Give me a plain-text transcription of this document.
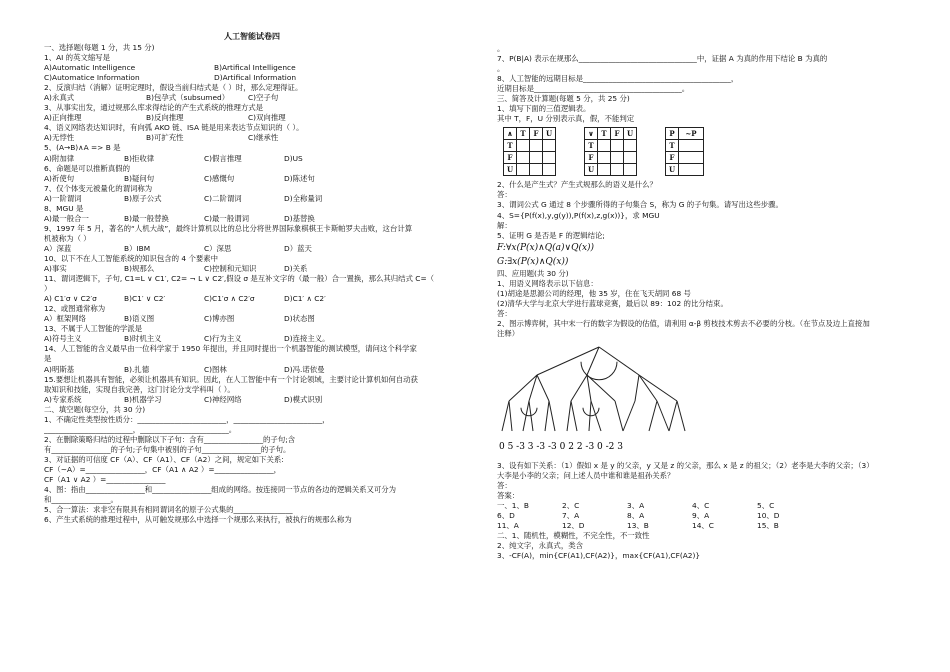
人工智能试卷四
一、选择题(每题 1 分，共 15 分)
1、AI 的英文缩写是
A)Automatic Intelligence	B)Artifical Intelligence
C)Automatice Information	D)Artifical Information
2、反演归结（消解）证明定理时，假设当前归结式是（ ）时，那么定理得证。
A)永真式	B)包孕式（subsumed）	C)空子句
3、从事实出发，通过规那么库求得结论的产生式系统的推理方式是
A)正向推理	B)反向推理	C)双向推理
4、语义网络表达知识时，有向弧 AKO 链、ISA 链是用来表达节点知识的（ ）。
A)无悖性	B)可扩充性	C)继承性
5、(A→B)∧A => B 是
A)附加律	B)拒收律	C)假言推理	D)US
6、命题是可以推断真假的
A)祈使句	B)疑问句	C)感慨句	D)陈述句
7、仅个体变元被量化的谓词称为
A)一阶谓词	B)原子公式	C)二阶谓词	D)全称量词
8、MGU 是
A)最一般合一	B)最一般替换	C)最一般谓词	D)基替换
9、1997 年 5 月，著名的“人机大战”，最终计算机以比的总比分将世界国际象棋棋王卡斯帕罗夫击败，这台计算
机被称为（ ）
A）深蓝	B）IBM	C）深思	D）蓝天
10、以下不在人工智能系统的知识包含的 4 个要素中
A)事实	B)规那么	C)控制和元知识	D)关系
11、谓词逻辑下，子句, C1=L ∨ C1′, C2= ¬ L ∨ C2′,假设 σ 是互补文字的（最一般）合一置换，那么其归结式 C=（
）
A) C1′σ ∨ C2′σ	B)C1′ ∨ C2′	C)C1′σ ∧ C2′σ	D)C1′ ∧ C2′
12、或图通常称为
A）框架网络	B)语义图	C)博亦图	D)状态图
13、不属于人工智能的学派是
A)符号主义	B)时机主义	C)行为主义	D)连接主义。
14、人工智能的含义最早由一位科学家于 1950 年提出，并且同时提出一个机器智能的测试模型，请问这个科学家
是
A)明斯基	B).扎德	C)图林	D)冯.诺依曼
15.要想让机器具有智能，必须让机器具有知识。因此，在人工智能中有一个讨论领域，主要讨论计算机如何自动获
取知识和技能，实现自我完善，这门讨论分支学科叫（ ）。
A)专家系统	B)机器学习	C)神经网络	D)模式识别
二、填空题(每空分，共 30 分)
1、不确定性类型按性质分：________________________，________________________，
________________________，________________________。
2、在删除策略归结的过程中删除以下子句：含有________________的子句;含
有________________的子句;子句集中被别的子句________________的子句。
3、对证据的可信度 CF（A）、CF（A1）、CF（A2）之间，规定如下关系:
CF（~A）=________________，CF（A1 ∧ A2 ）=________________，
CF（A1 ∨ A2 ）=________________
4、图：指由________________和________________组成的网络。按连接同一节点的各边的逻辑关系又可分为
和________________。
5、合一算法：求非空有限具有相同谓词名的原子公式集的________________
6、产生式系统的推理过程中，从可触发规那么中选择一个规那么来执行，被执行的规那么称为
。
7、P(B|A) 表示在规那么________________________________中，证据 A 为真的作用下结论 B 为真的
。
8、人工智能的远期目标是________________________________________，
近期目标是________________________________________。
三、简答及计算题(每题 5 分，共 25 分)
1、填写下面的三值逻辑表。
其中 T，F，U 分别表示真，假，不能判定
∧	T	F	U
T			
F			
U			
∨	T	F	U
T			
F			
U			
P	~P
T	
F	
U	
2、什么是产生式？产生式规那么的语义是什么？
答：
3、谓词公式 G 通过 8 个步骤所得的子句集合 S，称为 G 的子句集。请写出这些步骤。
4、S={P(f(x),y,g(y)),P(f(x),z,g(x))}，求 MGU
解：
5、证明 G 是否是 F 的逻辑结论;
F:∀x(P(x)∧Q(a)∨Q(x))
G:∃x(P(x)∧Q(x))
四、应用题(共 30 分)
1、用语义网络表示以下信息：
(1)胡途是思源公司的经理，他 35 岁，住在飞天胡同 68 号
(2)清华大学与北京大学进行蓝球竞赛，最后以 89：102 的比分结束。
答：
2、图示博弈树，其中末一行的数字为假设的估值，请利用 α-β 剪枝技术剪去不必要的分枝。（在节点及边上直接加
注释）
0 5 -3 3 -3 -3 0 2 2 -3 0 -2 3
3、设有如下关系：（1）假如 x 是 y 的父亲，y 又是 z 的父亲，那么 x 是 z 的祖父；（2）老李是大李的父亲；（3）
大李是小李的父亲；问上述人员中谁和谁是祖孙关系？
答：
答案：
一、1、B	2、C	3、A	4、C	5、C
6、D	7、A	8、A	9、A	10、D
11、A	12、D	13、B	14、C	15、B
二、1、随机性，模糊性，不完全性，不一致性
2、纯文字，永真式，类含
3、-CF(A)，min{CF(A1),CF(A2)}，max{CF(A1),CF(A2)}
